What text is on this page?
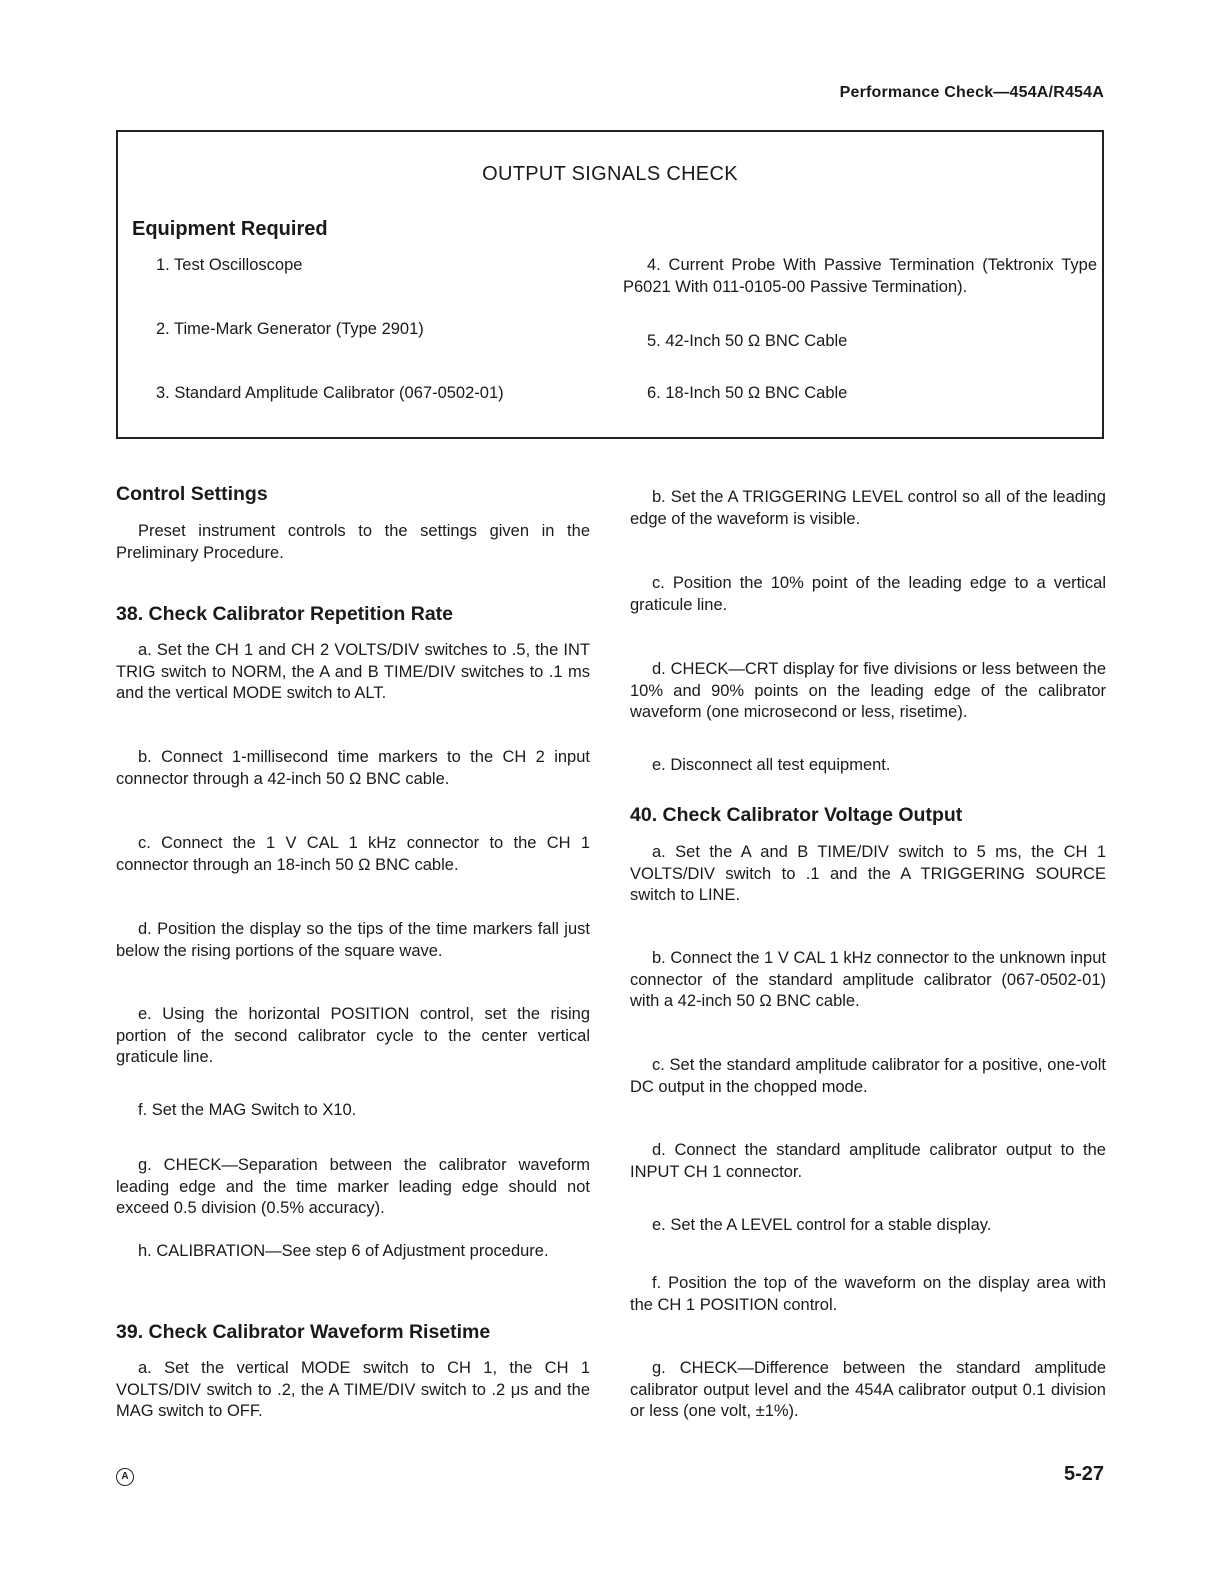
Performance Check—454A/R454A
OUTPUT SIGNALS CHECK
Equipment Required
1. Test Oscilloscope
2. Time-Mark Generator (Type 2901)
3. Standard Amplitude Calibrator (067-0502-01)
4. Current Probe With Passive Termination (Tektronix Type P6021 With 011-0105-00 Passive Termination).
5. 42-Inch 50 Ω BNC Cable
6. 18-Inch 50 Ω BNC Cable
Control Settings

Preset instrument controls to the settings given in the Preliminary Procedure.

38. Check Calibrator Repetition Rate

a. Set the CH 1 and CH 2 VOLTS/DIV switches to .5, the INT TRIG switch to NORM, the A and B TIME/DIV switches to .1 ms and the vertical MODE switch to ALT.

b. Connect 1-millisecond time markers to the CH 2 input connector through a 42-inch 50 Ω BNC cable.

c. Connect the 1 V CAL 1 kHz connector to the CH 1 connector through an 18-inch 50 Ω BNC cable.

d. Position the display so the tips of the time markers fall just below the rising portions of the square wave.

e. Using the horizontal POSITION control, set the rising portion of the second calibrator cycle to the center vertical graticule line.

f. Set the MAG Switch to X10.

g. CHECK—Separation between the calibrator waveform leading edge and the time marker leading edge should not exceed 0.5 division (0.5% accuracy).

h. CALIBRATION—See step 6 of Adjustment procedure.

39. Check Calibrator Waveform Risetime

a. Set the vertical MODE switch to CH 1, the CH 1 VOLTS/DIV switch to .2, the A TIME/DIV switch to .2 μs and the MAG switch to OFF.

b. Set the A TRIGGERING LEVEL control so all of the leading edge of the waveform is visible.

c. Position the 10% point of the leading edge to a vertical graticule line.

d. CHECK—CRT display for five divisions or less between the 10% and 90% points on the leading edge of the calibrator waveform (one microsecond or less, risetime).

e. Disconnect all test equipment.

40. Check Calibrator Voltage Output

a. Set the A and B TIME/DIV switch to 5 ms, the CH 1 VOLTS/DIV switch to .1 and the A TRIGGERING SOURCE switch to LINE.

b. Connect the 1 V CAL 1 kHz connector to the unknown input connector of the standard amplitude calibrator (067-0502-01) with a 42-inch 50 Ω BNC cable.

c. Set the standard amplitude calibrator for a positive, one-volt DC output in the chopped mode.

d. Connect the standard amplitude calibrator output to the INPUT CH 1 connector.

e. Set the A LEVEL control for a stable display.

f. Position the top of the waveform on the display area with the CH 1 POSITION control.

g. CHECK—Difference between the standard amplitude calibrator output level and the 454A calibrator output 0.1 division or less (one volt, ±1%).

A	5-27
